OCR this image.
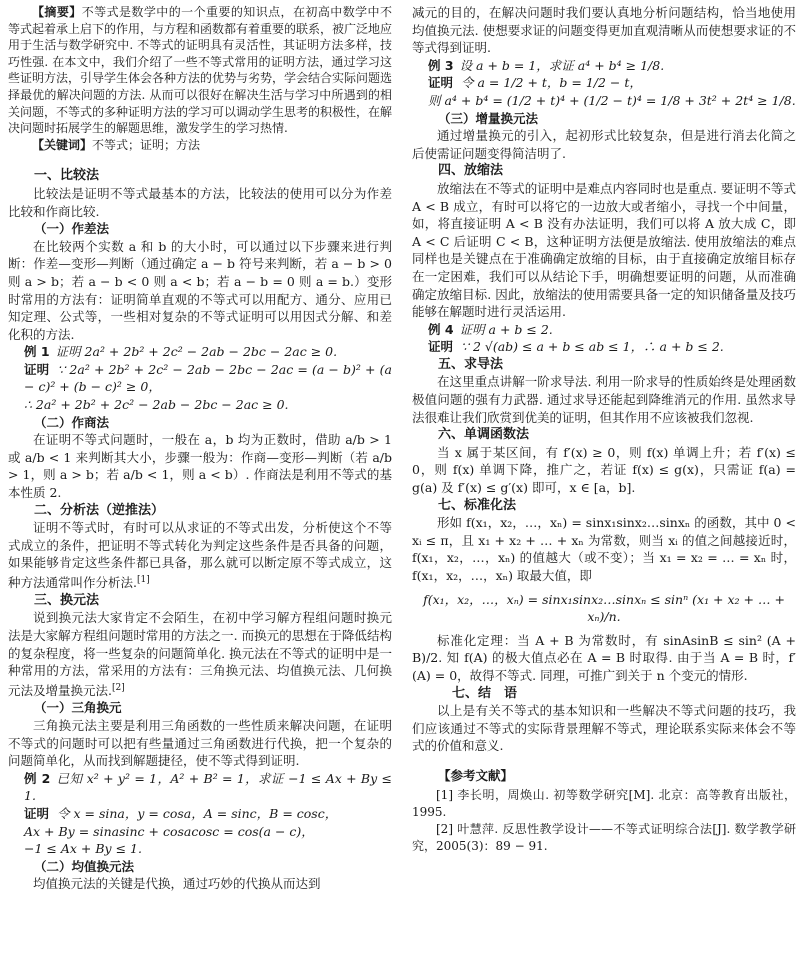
【摘要】不等式是数学中的一个重要的知识点，在初高中数学中不等式起着承上启下的作用，与方程和函数都有着重要的联系，被广泛地应用于生活与数学研究中. 不等式的证明具有灵活性，其证明方法多样，技巧性强. 在本文中，我们介绍了一些不等式常用的证明方法，通过学习这些证明方法，引导学生体会各种方法的优势与劣势，学会结合实际问题选择最优的解决问题的方法. 从而可以很好在解决生活与学习中所遇到的相关问题，不等式的多种证明方法的学习可以调动学生思考的积极性，在解决问题时拓展学生的解题思维，激发学生的学习热情.

【关键词】不等式；证明；方法

一、比较法

比较法是证明不等式最基本的方法，比较法的使用可以分为作差比较和作商比较.

（一）作差法

在比较两个实数 a 和 b 的大小时，可以通过以下步骤来进行判断：作差—变形—判断（通过确定 a − b 符号来判断，若 a − b > 0 则 a > b；若 a − b < 0 则 a < b；若 a − b = 0 则 a = b.）变形时常用的方法有：证明简单直观的不等式可以用配方、通分、应用已知定理、公式等，一些相对复杂的不等式证明可以用因式分解、和差化积的方法.

例 1 证明 2a² + 2b² + 2c² − 2ab − 2bc − 2ac ≥ 0.

证明 ∵ 2a² + 2b² + 2c² − 2ab − 2bc − 2ac = (a − b)² + (a − c)² + (b − c)² ≥ 0，

∴ 2a² + 2b² + 2c² − 2ab − 2bc − 2ac ≥ 0.

（二）作商法

在证明不等式问题时，一般在 a，b 均为正数时，借助 a/b > 1 或 a/b < 1 来判断其大小，步骤一般为：作商—变形—判断（若 a/b > 1，则 a > b；若 a/b < 1，则 a < b）. 作商法是利用不等式的基本性质 2.

二、分析法（逆推法）

证明不等式时，有时可以从求证的不等式出发，分析使这个不等式成立的条件，把证明不等式转化为判定这些条件是否具备的问题，如果能够肯定这些条件都已具备，那么就可以断定原不等式成立，这种方法通常叫作分析法.[1]

三、换元法

说到换元法大家肯定不会陌生，在初中学习解方程组问题时换元法是大家解方程组问题时常用的方法之一. 而换元的思想在于降低结构的复杂程度，将一些复杂的问题简单化. 换元法在不等式的证明中是一种常用的方法，常采用的方法有：三角换元法、均值换元法、几何换元法及增量换元法.[2]

（一）三角换元

三角换元法主要是利用三角函数的一些性质来解决问题，在证明不等式的问题时可以把有些量通过三角函数进行代换，把一个复杂的问题简单化，从而找到解题捷径，使不等式得到证明.

例 2 已知 x² + y² = 1，A² + B² = 1，求证 −1 ≤ Ax + By ≤ 1.

证明 令 x = sina，y = cosa，A = sinc，B = cosc，

Ax + By = sinasinc + cosacosc = cos(a − c)，

−1 ≤ Ax + By ≤ 1.

（二）均值换元法

均值换元法的关键是代换，通过巧妙的代换从而达到

减元的目的，在解决问题时我们要认真地分析问题结构，恰当地使用均值换元法. 使想要求证的问题变得更加直观清晰从而使想要求证的不等式得到证明.

例 3 设 a + b = 1，求证 a⁴ + b⁴ ≥ 1/8.

证明 令 a = 1/2 + t，b = 1/2 − t，

则 a⁴ + b⁴ = (1/2 + t)⁴ + (1/2 − t)⁴ = 1/8 + 3t² + 2t⁴ ≥ 1/8.

（三）增量换元法

通过增量换元的引入，起初形式比较复杂，但是进行消去化简之后使需证问题变得简洁明了.

四、放缩法

放缩法在不等式的证明中是难点内容同时也是重点. 要证明不等式 A < B 成立，有时可以将它的一边放大或者缩小，寻找一个中间量，如，将直接证明 A < B 没有办法证明，我们可以将 A 放大成 C，即 A < C 后证明 C < B，这种证明方法便是放缩法. 使用放缩法的难点同样也是关键点在于准确确定放缩的目标，由于直接确定放缩目标存在一定困难，我们可以从结论下手，明确想要证明的问题，从而准确确定放缩目标. 因此，放缩法的使用需要具备一定的知识储备量及技巧能够在解题时进行灵活运用.

例 4 证明 a + b ≤ 2.

证明 ∵ 2 √(ab) ≤ a + b ≤ ab ≤ 1，∴ a + b ≤ 2.

五、求导法

在这里重点讲解一阶求导法. 利用一阶求导的性质始终是处理函数极值问题的强有力武器. 通过求导还能起到降维消元的作用. 虽然求导法很难让我们欣赏到优美的证明，但其作用不应该被我们忽视.

六、单调函数法

当 x 属于某区间，有 f′(x) ≥ 0，则 f(x) 单调上升；若 f′(x) ≤ 0，则 f(x) 单调下降，推广之，若证 f(x) ≤ g(x)，只需证 f(a) = g(a) 及 f′(x) ≤ g′(x) 即可，x ∈ [a，b].

七、标准化法

形如 f(x₁，x₂，…，xₙ) = sinx₁sinx₂…sinxₙ 的函数，其中 0 < xᵢ ≤ π，且 x₁ + x₂ + … + xₙ 为常数，则当 xᵢ 的值之间越接近时，f(x₁，x₂，…，xₙ) 的值越大（或不变）；当 x₁ = x₂ = … = xₙ 时，f(x₁，x₂，…，xₙ) 取最大值，即

f(x₁，x₂，…，xₙ) = sinx₁sinx₂…sinxₙ ≤ sinⁿ (x₁ + x₂ + … + xₙ)/n.

标准化定理：当 A + B 为常数时，有 sinAsinB ≤ sin² (A + B)/2. 知 f(A) 的极大值点必在 A = B 时取得. 由于当 A = B 时，f′(A) = 0，故得不等式. 同理，可推广到关于 n 个变元的情形.

七、结　语

以上是有关不等式的基本知识和一些解决不等式问题的技巧，我们应该通过不等式的实际背景理解不等式，理论联系实际来体会不等式的价值和意义.

【参考文献】

[1] 李长明，周焕山. 初等数学研究[M]. 北京：高等教育出版社，1995.

[2] 叶慧萍. 反思性教学设计——不等式证明综合法[J]. 数学教学研究，2005(3)：89 − 91.
